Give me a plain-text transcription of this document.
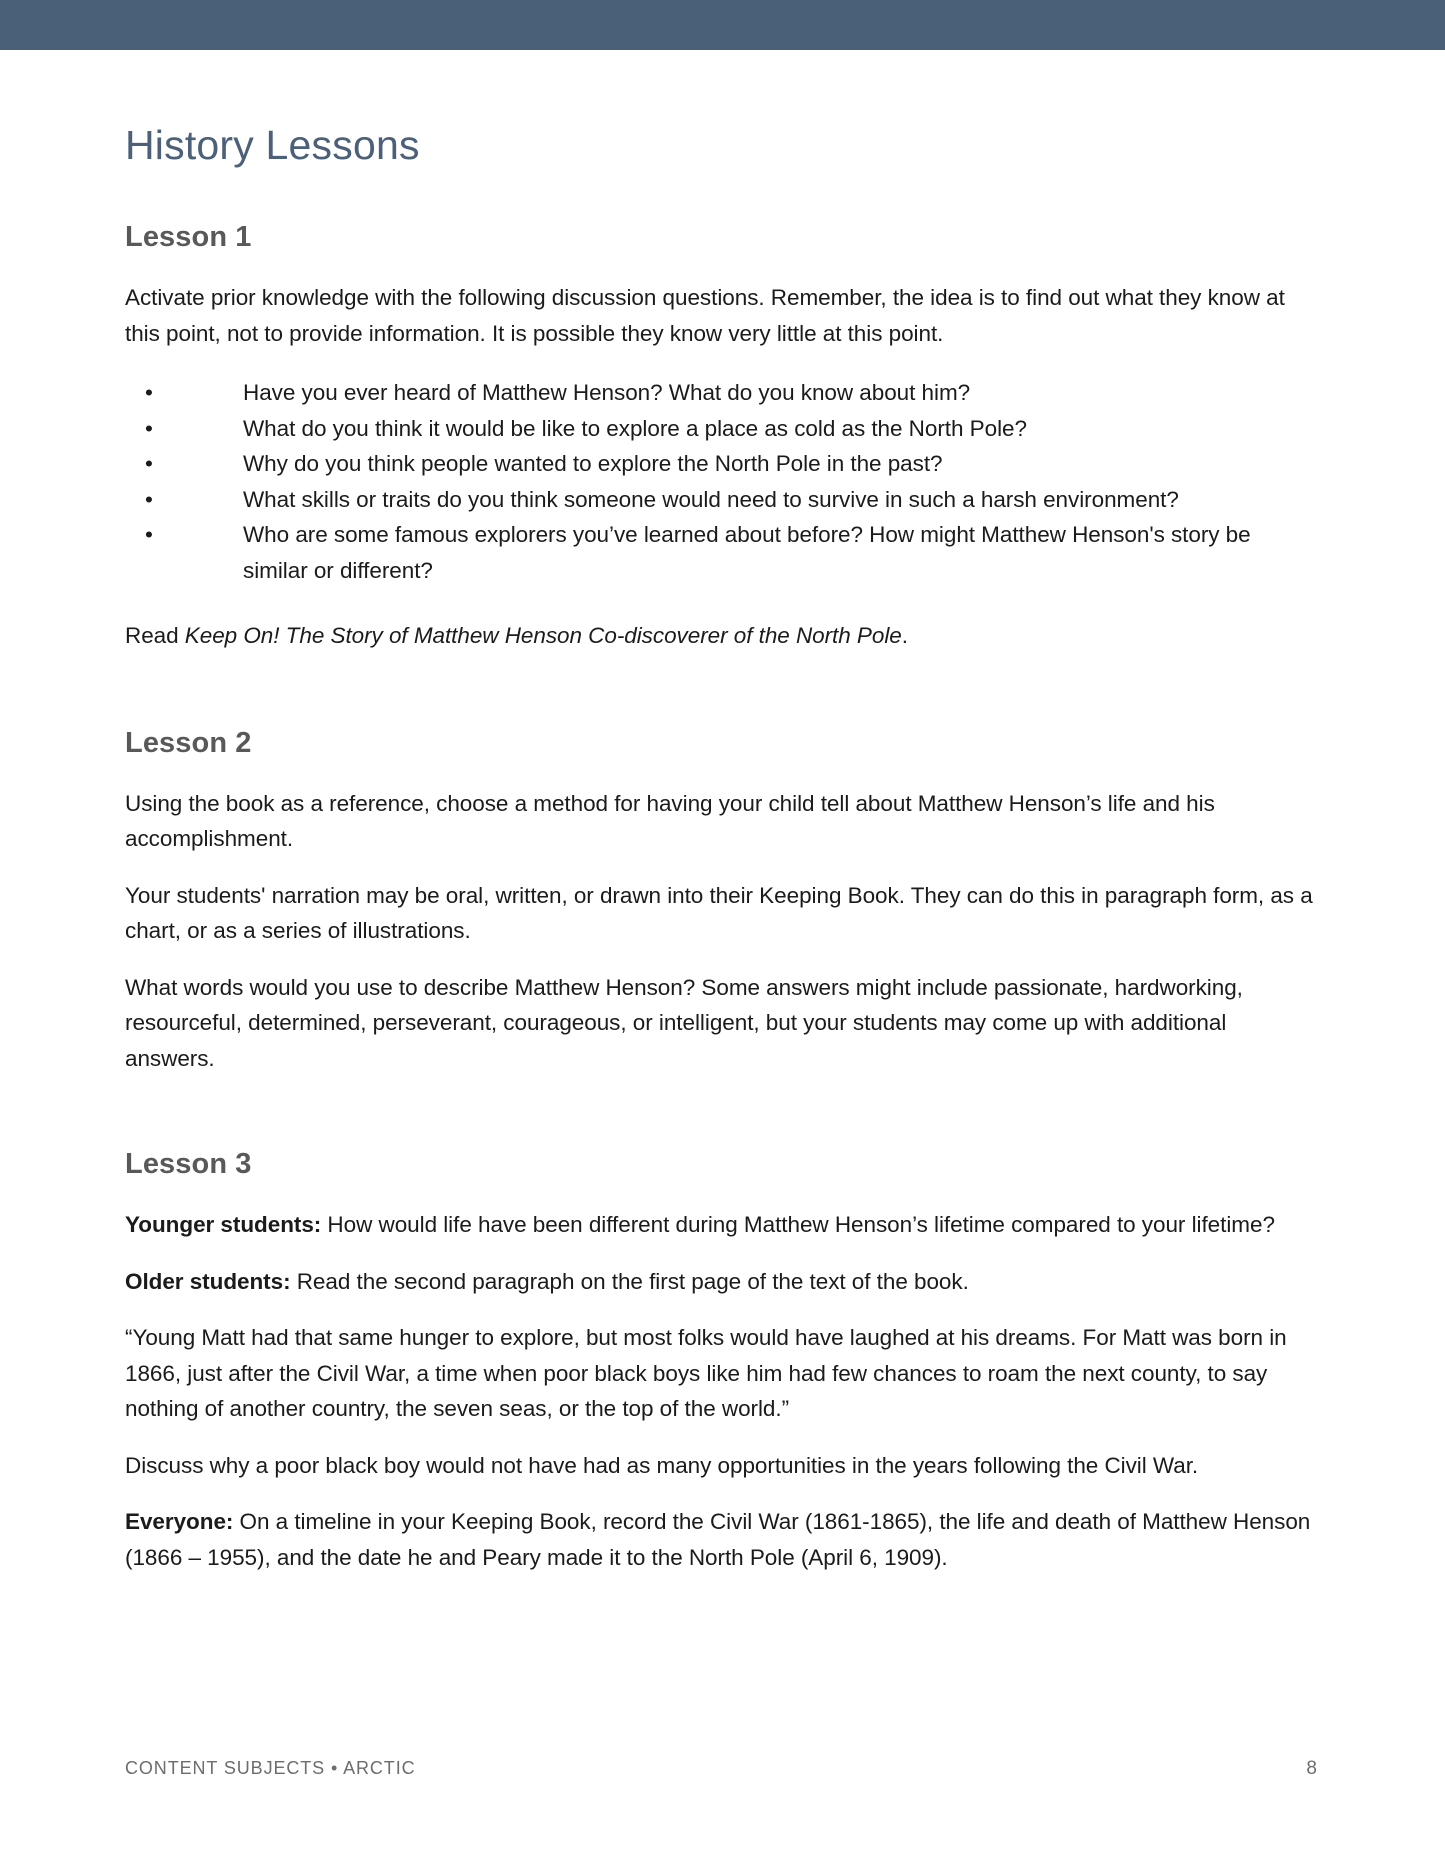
History Lessons
Lesson 1

Activate prior knowledge with the following discussion questions. Remember, the idea is to find out what they know at this point, not to provide information. It is possible they know very little at this point.

•	Have you ever heard of Matthew Henson? What do you know about him?
•	What do you think it would be like to explore a place as cold as the North Pole?
•	Why do you think people wanted to explore the North Pole in the past?
•	What skills or traits do you think someone would need to survive in such a harsh environment?
•	Who are some famous explorers you’ve learned about before? How might Matthew Henson's story be similar or different?

Read Keep On! The Story of Matthew Henson Co-discoverer of the North Pole.

Lesson 2

Using the book as a reference, choose a method for having your child tell about Matthew Henson’s life and his accomplishment.

Your students' narration may be oral, written, or drawn into their Keeping Book. They can do this in paragraph form, as a chart, or as a series of illustrations.

What words would you use to describe Matthew Henson? Some answers might include passionate, hardworking, resourceful, determined, perseverant, courageous, or intelligent, but your students may come up with additional answers.

Lesson 3

Younger students: How would life have been different during Matthew Henson’s lifetime compared to your lifetime?

Older students: Read the second paragraph on the first page of the text of the book.

“Young Matt had that same hunger to explore, but most folks would have laughed at his dreams. For Matt was born in 1866, just after the Civil War, a time when poor black boys like him had few chances to roam the next county, to say nothing of another country, the seven seas, or the top of the world.”

Discuss why a poor black boy would not have had as many opportunities in the years following the Civil War.

Everyone: On a timeline in your Keeping Book, record the Civil War (1861-1865), the life and death of Matthew Henson (1866 – 1955), and the date he and Peary made it to the North Pole (April 6, 1909).

CONTENT SUBJECTS • ARCTIC	8
